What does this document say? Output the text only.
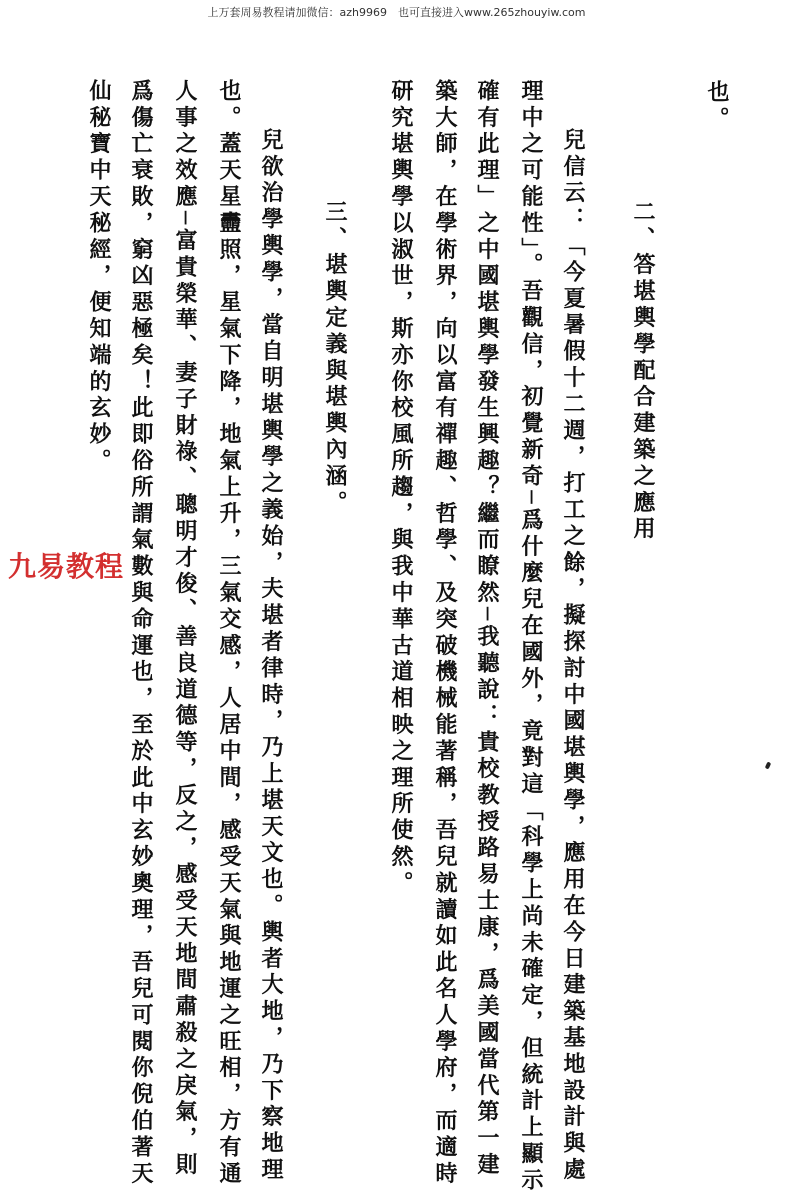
上万套周易教程请加微信：azh9969　也可直接进入www.265zhouyiw.com
也。
二、答堪輿學配合建築之應用
兒信云：「今夏暑假十二週，打工之餘，擬探討中國堪輿學，應用在今日建築基地設計與處
理中之可能性」。吾觀信，初覺新奇─爲什麼兒在國外，竟對這「科學上尚未確定，但統計上顯示
確有此理」之中國堪輿學發生興趣？繼而瞭然─我聽說：貴校教授路易士康，爲美國當代第一建
築大師，在學術界，向以富有禪趣、哲學、及突破機械能著稱，吾兒就讀如此名人學府，而適時
研究堪輿學以淑世，斯亦你校風所趨，與我中華古道相映之理所使然。
三、堪輿定義與堪輿內涵。
兒欲治學輿學，當自明堪輿學之義始，夫堪者律時，乃上堪天文也。輿者大地，乃下察地理
也。蓋天星䀌照，星氣下降，地氣上升，三氣交感，人居中間，感受天氣與地運之旺相，方有通
人事之效應─富貴榮華、妻子財祿、聰明才俊、善良道德等，反之，感受天地間肅殺之戾氣，則
爲傷亡衰敗，窮凶惡極矣！此即俗所謂氣數與命運也，至於此中玄妙奧理，吾兒可閱你倪伯著天
仙秘寶中天秘經，便知端的玄妙。
九易教程
